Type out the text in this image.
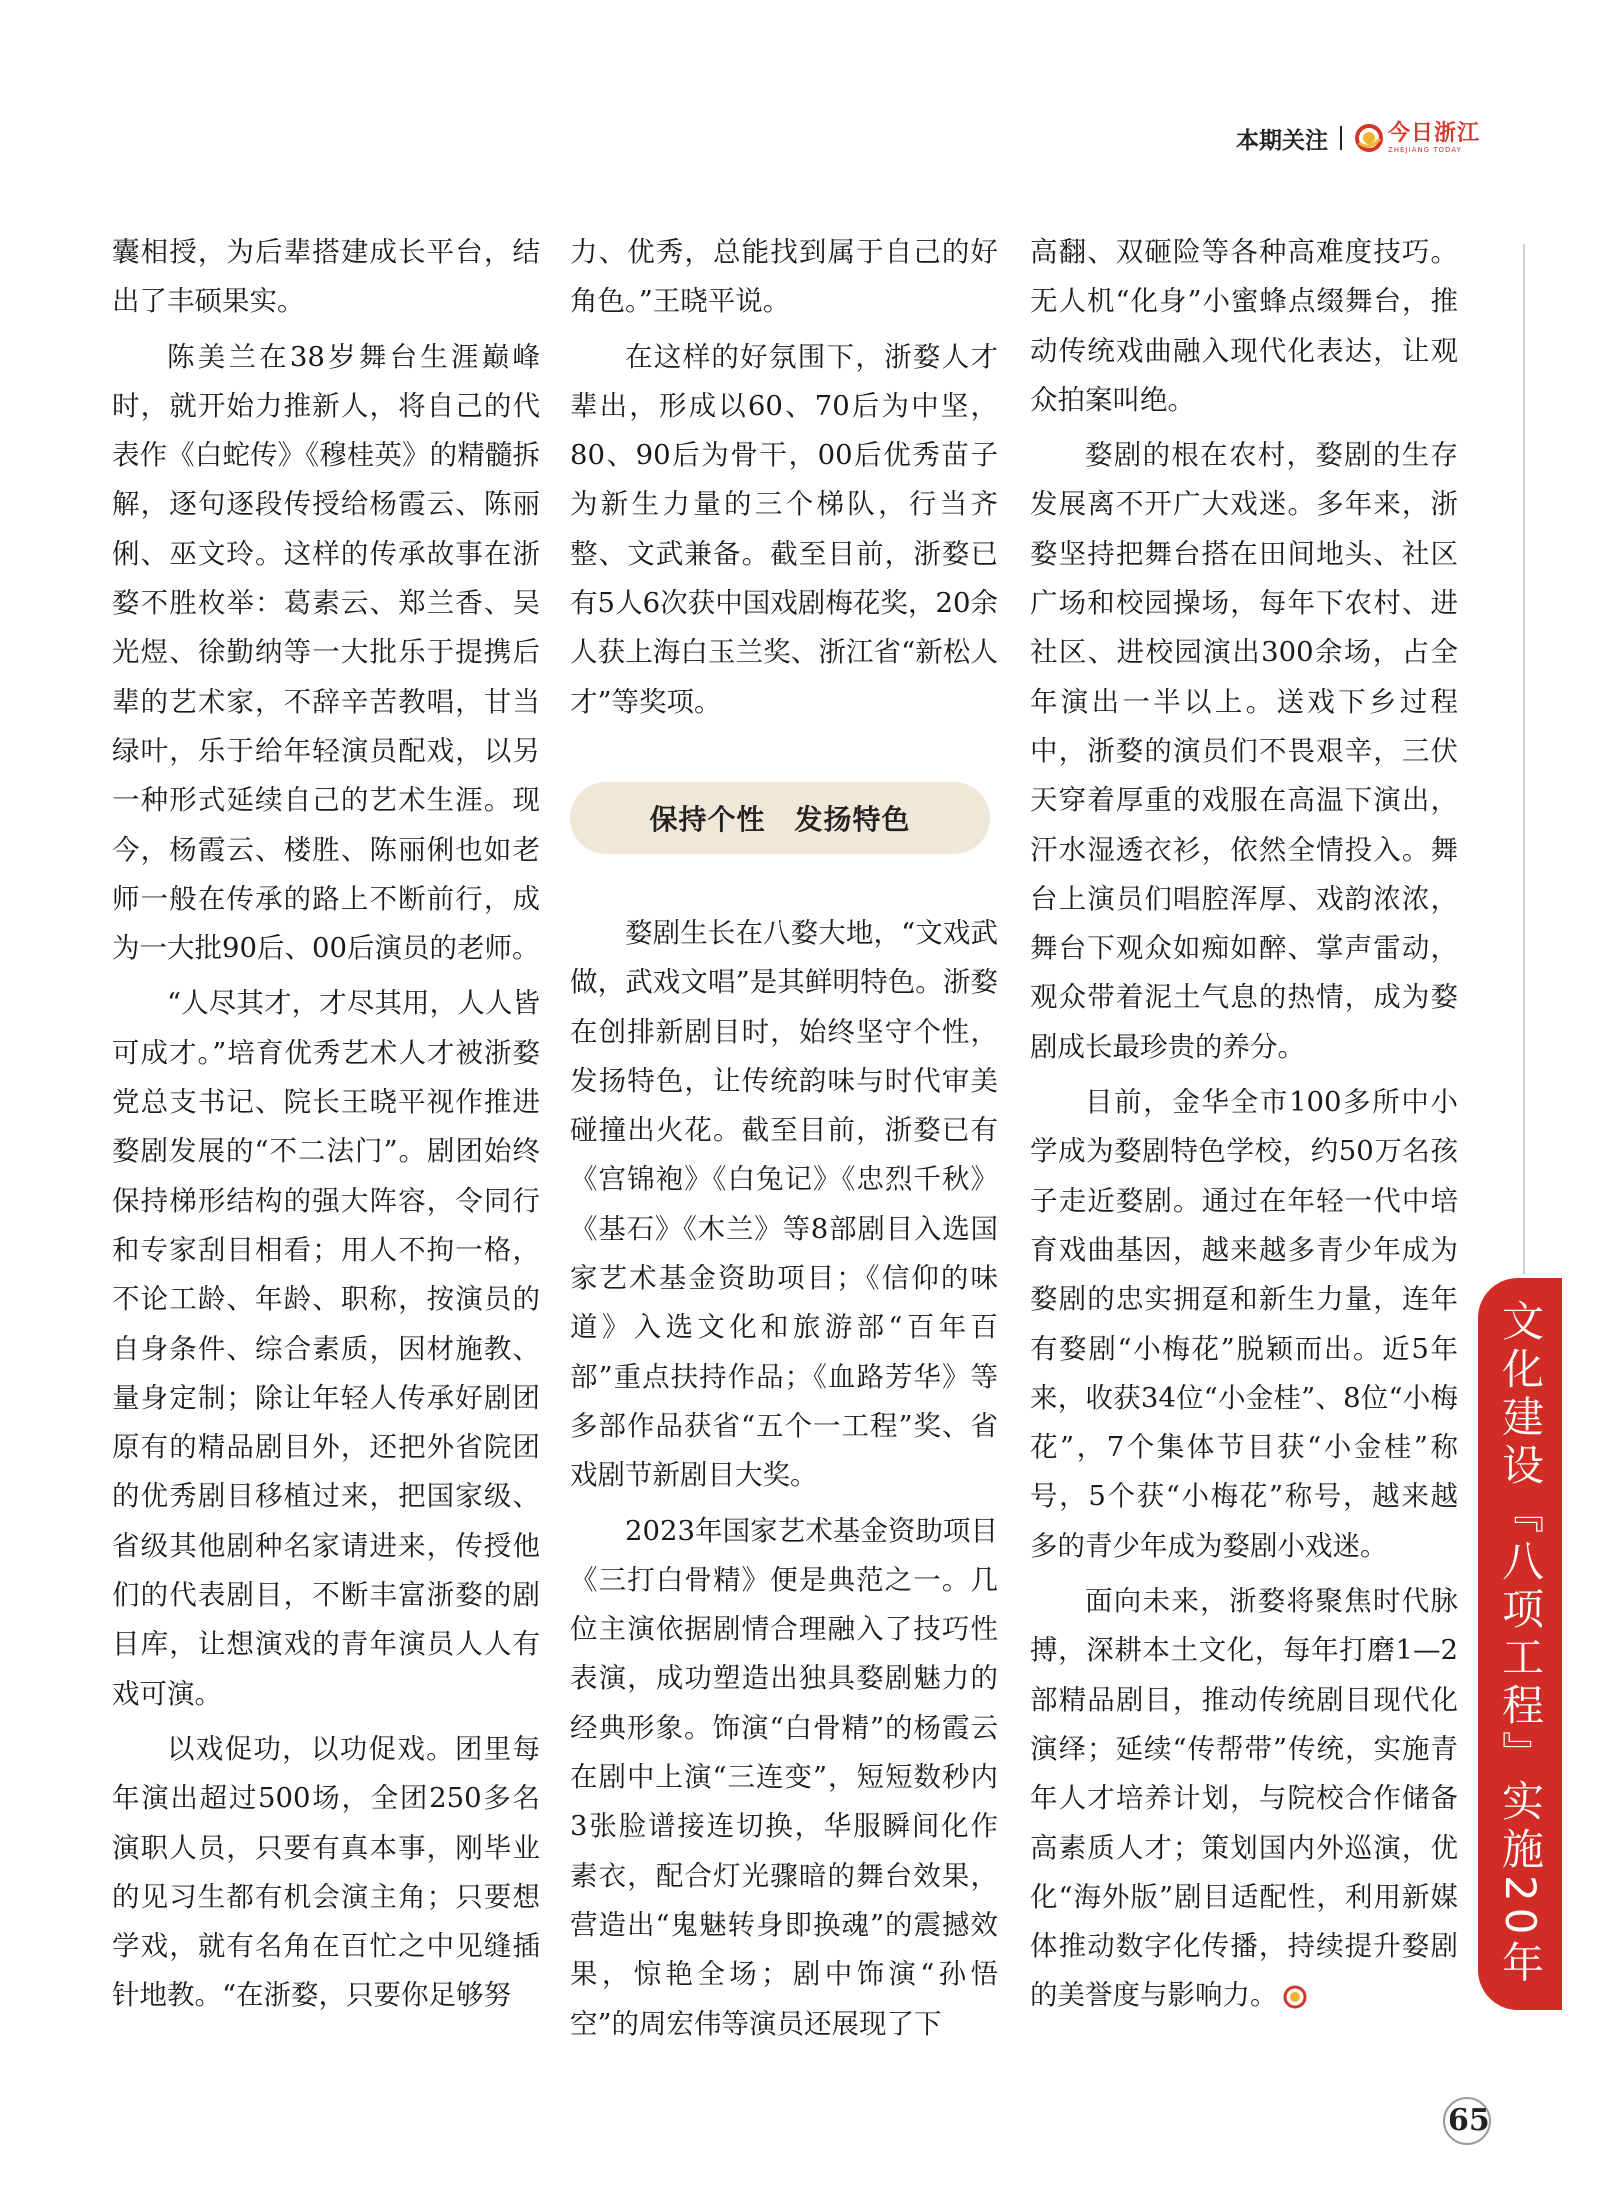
本期关注	今日浙江
ZHEJIANG TODAY

囊相授，为后辈搭建成长平台，结出了丰硕果实。

陈美兰在38岁舞台生涯巅峰时，就开始力推新人，将自己的代表作《白蛇传》《穆桂英》的精髓拆解，逐句逐段传授给杨霞云、陈丽俐、巫文玲。这样的传承故事在浙婺不胜枚举：葛素云、郑兰香、吴光煜、徐勤纳等一大批乐于提携后辈的艺术家，不辞辛苦教唱，甘当绿叶，乐于给年轻演员配戏，以另一种形式延续自己的艺术生涯。现今，杨霞云、楼胜、陈丽俐也如老师一般在传承的路上不断前行，成为一大批90后、00后演员的老师。

“人尽其才，才尽其用，人人皆可成才。”培育优秀艺术人才被浙婺党总支书记、院长王晓平视作推进婺剧发展的“不二法门”。剧团始终保持梯形结构的强大阵容，令同行和专家刮目相看；用人不拘一格，不论工龄、年龄、职称，按演员的自身条件、综合素质，因材施教、量身定制；除让年轻人传承好剧团原有的精品剧目外，还把外省院团的优秀剧目移植过来，把国家级、省级其他剧种名家请进来，传授他们的代表剧目，不断丰富浙婺的剧目库，让想演戏的青年演员人人有戏可演。

以戏促功，以功促戏。团里每年演出超过500场，全团250多名演职人员，只要有真本事，刚毕业的见习生都有机会演主角；只要想学戏，就有名角在百忙之中见缝插针地教。“在浙婺，只要你足够努

力、优秀，总能找到属于自己的好角色。”王晓平说。

在这样的好氛围下，浙婺人才辈出，形成以60、70后为中坚，80、90后为骨干，00后优秀苗子为新生力量的三个梯队，行当齐整、文武兼备。截至目前，浙婺已有5人6次获中国戏剧梅花奖，20余人获上海白玉兰奖、浙江省“新松人才”等奖项。

保持个性　发扬特色

婺剧生长在八婺大地，“文戏武做，武戏文唱”是其鲜明特色。浙婺在创排新剧目时，始终坚守个性，发扬特色，让传统韵味与时代审美碰撞出火花。截至目前，浙婺已有《宫锦袍》《白兔记》《忠烈千秋》《基石》《木兰》等8部剧目入选国家艺术基金资助项目；《信仰的味道》入选文化和旅游部“百年百部”重点扶持作品；《血路芳华》等多部作品获省“五个一工程”奖、省戏剧节新剧目大奖。

2023年国家艺术基金资助项目《三打白骨精》便是典范之一。几位主演依据剧情合理融入了技巧性表演，成功塑造出独具婺剧魅力的经典形象。饰演“白骨精”的杨霞云在剧中上演“三连变”，短短数秒内3张脸谱接连切换，华服瞬间化作素衣，配合灯光骤暗的舞台效果，营造出“鬼魅转身即换魂”的震撼效果，惊艳全场；剧中饰演“孙悟空”的周宏伟等演员还展现了下

高翻、双砸险等各种高难度技巧。无人机“化身”小蜜蜂点缀舞台，推动传统戏曲融入现代化表达，让观众拍案叫绝。

婺剧的根在农村，婺剧的生存发展离不开广大戏迷。多年来，浙婺坚持把舞台搭在田间地头、社区广场和校园操场，每年下农村、进社区、进校园演出300余场，占全年演出一半以上。送戏下乡过程中，浙婺的演员们不畏艰辛，三伏天穿着厚重的戏服在高温下演出，汗水湿透衣衫，依然全情投入。舞台上演员们唱腔浑厚、戏韵浓浓，舞台下观众如痴如醉、掌声雷动，观众带着泥土气息的热情，成为婺剧成长最珍贵的养分。

目前，金华全市100多所中小学成为婺剧特色学校，约50万名孩子走近婺剧。通过在年轻一代中培育戏曲基因，越来越多青少年成为婺剧的忠实拥趸和新生力量，连年有婺剧“小梅花”脱颖而出。近5年来，收获34位“小金桂”、8位“小梅花”，7个集体节目获“小金桂”称号，5个获“小梅花”称号，越来越多的青少年成为婺剧小戏迷。

面向未来，浙婺将聚焦时代脉搏，深耕本土文化，每年打磨1—2部精品剧目，推动传统剧目现代化演绎；延续“传帮带”传统，实施青年人才培养计划，与院校合作储备高素质人才；策划国内外巡演，优化“海外版”剧目适配性，利用新媒体推动数字化传播，持续提升婺剧的美誉度与影响力。

文化建设『八项工程』实施20年
65
